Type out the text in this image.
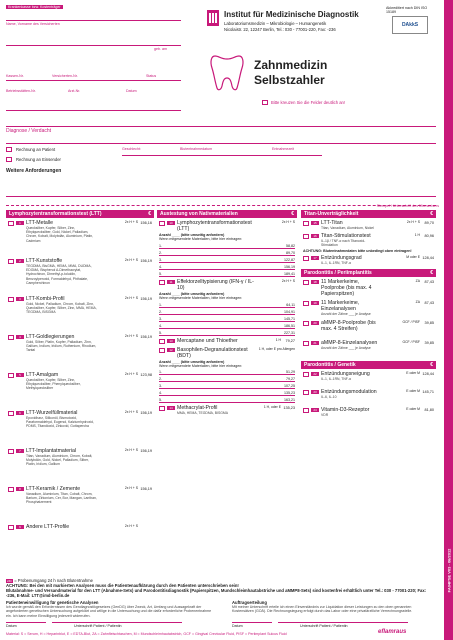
FA04PSE V03 - 06/2012
Krankenkasse bzw. Kostenträger
Name, Vorname des Versicherten
geb. am
Kassen-Nr.	Versicherten-Nr.	Status
Betriebsstätten-Nr.	Arzt-Nr.	Datum
Diagnose / Verdacht
Institut für Medizinische Diagnostik
Laboratoriumsmedizin – Mikrobiologie – Humangenetik
Nicolaistr. 22, 12247 Berlin, Tel.: 030 - 77001-220, Fax: -236
Akkreditiert nach DIN ISO 15189
DAkkS
Zahnmedizin
Selbstzahler
Bitte kreuzen Sie die Felder deutlich an!
Rechnung an Patient
Rechnung an Einsender
Geschlecht:	Blutentnahmedatum	Entnahmezeit
Weitere Anforderungen
Stempel / Unterschrift des Überweisers
Lymphozytentransformationstest (LTT)	€
1 LTT-Metalle
Quecksilber, Kupfer, Silber, Zinn, Ethylquecksilber, Gold, Nickel, Palladium, Chrom, Kobalt, Molybdän, Aluminium, Platin, Cadmium
2x H + S 156,16
2 LTT-Kunststoffe
TEGDMA, BisGMA, HEMA, MMA, DUDMA, EDGMA, Bisphenol A-Dimethacrylat, Hydrochinon, Dimethyl-p-toluidin, Benzoylperoxid, Formaldehyd, Phthalate, Campherchinon
2x H + S 156,19
3 LTT-Kombi-Profil
Gold, Nickel, Palladium, Chrom, Kobalt, Zinn, Quecksilber, Kupfer, Silber, Zinn, MMA, HEMA, TEGDMA, BISGMA
2x H + S 156,19
4 LTT-Goldlegierungen
Gold, Silber, Platin, Kupfer, Palladium, Zinn, Gallium, Indium, Iridium, Ruthenium, Rhodium, Tantal
2x H + S 156,19
5 LTT-Amalgam
Quecksilber, Kupfer, Silber, Zinn, Ethylquecksilber, Phenylquecksilber, Methylquecksilber
2x H + S 123,98
6 LTT-Wurzelfüllmaterial
Epoxidharz, Silikonöl, Bismutoxid, Paraformaldehyd, Eugenol, Kalziumhydroxid, PDMS, Titandioxid, Zinkoxid, Guttapercha
2x H + S 156,19
7 LTT-Implantatmaterial
Titan, Vanadium, Aluminium, Chrom, Kobalt, Molybdän, Gold, Nickel, Palladium, Silber, Platin, Iridium, Gallium
2x H + S 156,19
8 LTT-Keramik / Zemente
Vanadium, Aluminium, Titan, Cobalt, Chrom, Barium, Zirkonium, Cer, Bor, Mangan, Lanthan, Phosphatzement
2x H + S 156,19
9 Andere LTT-Profile	2x H + S
Austestung von Nativmaterialien	€
10 Lymphozytentransformationstest (LTT)
2x H + S
Anzahl ____ (bitte umseitig anfordern)
Wenn mitgesendete Materialien, bitte hier eintragen:
1.	58,82
2.	89,70
3.	122,87
4.	156,19
5.	189,41
11 Effektorzelltypisierung (IFN-γ / IL-10)
2x H + S
Anzahl ____ (bitte umseitig anfordern)
Wenn mitgesendete Materialien, bitte hier eintragen:
1.	64,11
2.	104,91
3.	145,71
4.	186,51
5.	227,31
13 Mercaptane und Thioether	1 H	79,27
12 Basophilen-Degranulationstest (BDT)
1 H, oder E pro Allergen
Anzahl ____ (bitte umseitig anfordern)
Wenn mitgesendete Materialien, bitte hier eintragen:
1.	51,29
2.	79,27
3.	107,25
4.	135,23
5.	163,21
14 Methacrylat-Profil
MMA, HEMA, TEGDMA, BISGMA
1 H, oder E 135,23
Titan-Unverträglichkeit	€
15 LTT-Titan
Titan, Vanadium, Aluminium, Nickel
2x H + S	89,70
16 Titan-Stimulationstest
IL-1β / TNF-α nach Titanoxid-Stimulation
1 H	80,96
ACHTUNG: Blutentnahmedaten bitte unbedingt oben eintragen!
17 Entzündungsgrad
IL-1, IL-1RN, TNF-α
M oder E 128,44
Parodontitis / Periimplantitis	€
18 11 Markerkeime, Poolprobe (bis max. 4 Papierspitzen)
ZA	87,43
19 11 Markerkeime, Einzelanalysen
Anzahl der Zähne ___ je Analyse
ZA	87,43
20 aMMP-8-Poolprobe (bis max. 4 Streifen)
GCF / PISF	39,85
21 aMMP-8-Einzelanalysen
Anzahl der Zähne ___ je Analyse
GCF / PISF	39,85
Parodontitis / Genetik	€
22 Entzündungsneigung
IL-1, IL-1RN, TNF-α
E oder M 128,44
23 Entzündungsmodulation
IL-6, IL-10
E oder M 145,71
24 Vitamin-D3-Rezeptor
VDR
E oder M	81,80
24h = Probenumgang 24 h nach Blutentnahme
ACHTUNG: Bei den mit markierten Analysen muss die Patientenaufklärung durch den Patienten unterschrieben sein!
Blutabnahme- und Versandmaterial für den LTT (Abnahme-Sets) und Parodontitisdiagnostik (Papierspitzen, Mundschleimhautabstriche und aMMP8-Sets) sind kostenfrei erhältlich unter Tel.: 030 - 77001-220; Fax: -236, E-Mail: LTT@imd-berlin.de
Patienteneinwilligung für genetische Analysen
Ich wurde gemäß den Erfordernissen des Gendiagnostikgesetzes (GenDG) über Zweck, Art, Umfang und Aussagekraft der angeforderten genetischen Untersuchung aufgeklärt und willige in die Untersuchung und die dafür erforderliche Probenentnahme ein. Ich kann meine Einwilligung jederzeit widerrufen.
Auftragserteilung
Mit meiner Unterschrift erteile ich einen Einverständnis zur Liquidation dieser Leistungen zu den oben genannten Kostensätzen (GOÄ). Die Rechnungslegung erfolgt durch das Labor oder eine privatärztliche Verrechnungsstelle.
Datum	Unterschrift Patient / Patientin	Datum	Unterschrift Patient / Patientin
Material: S = Serum, H = Heparinblut, E = EDTA-Blut, ZA = Zahnfleischtaschen, M = Mundschleimhautabstrich, GCF = Gingival Crevicular Fluid, PISF = Periimplant Sulcus Fluid	eflamraus
